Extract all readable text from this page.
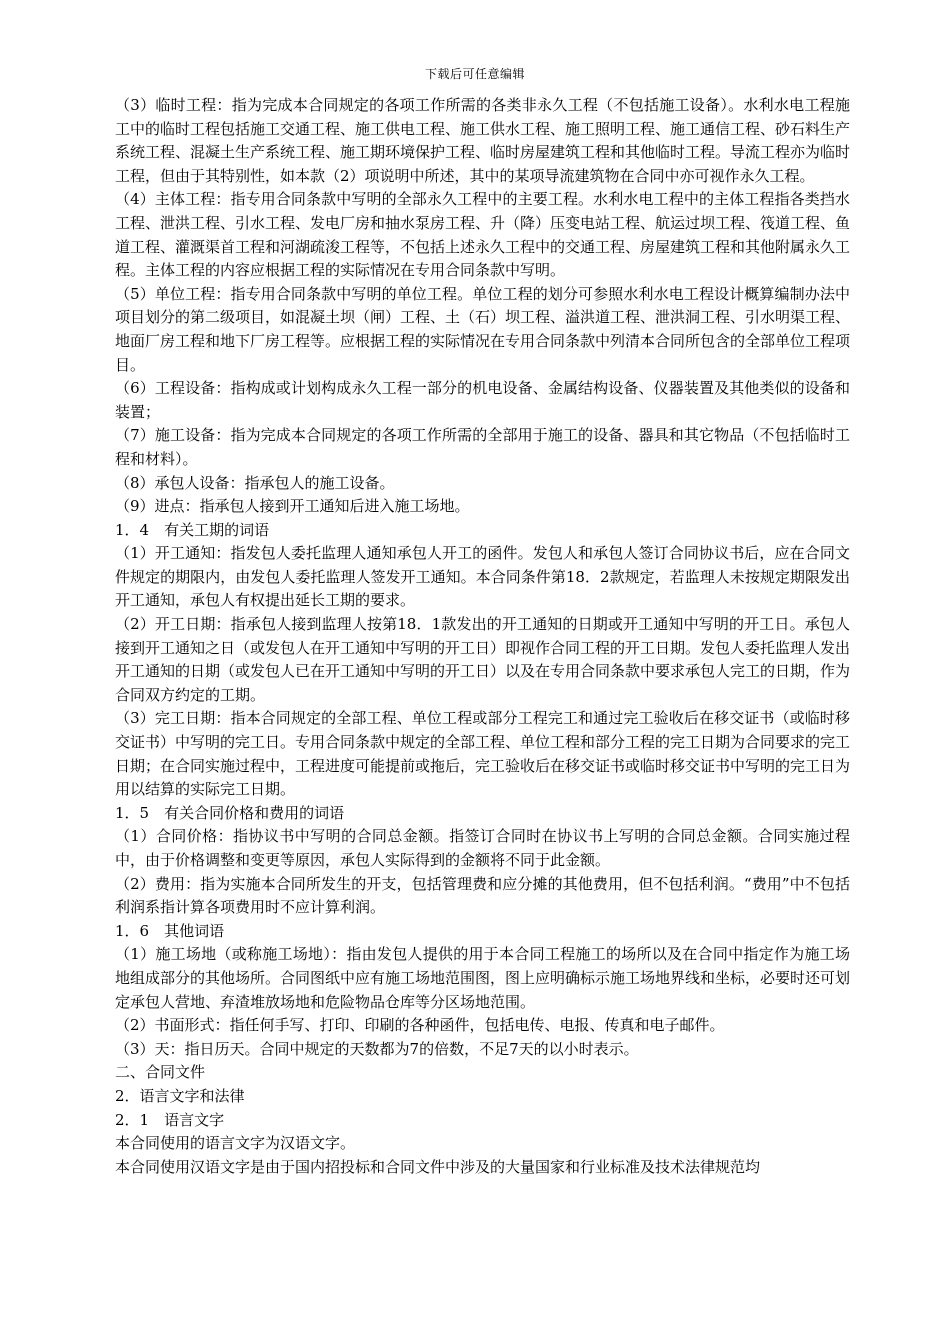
下载后可任意编辑

（3）临时工程：指为完成本合同规定的各项工作所需的各类非永久工程（不包括施工设备）。水利水电工程施工中的临时工程包括施工交通工程、施工供电工程、施工供水工程、施工照明工程、施工通信工程、砂石料生产系统工程、混凝土生产系统工程、施工期环境保护工程、临时房屋建筑工程和其他临时工程。导流工程亦为临时工程，但由于其特别性，如本款（2）项说明中所述，其中的某项导流建筑物在合同中亦可视作永久工程。

（4）主体工程：指专用合同条款中写明的全部永久工程中的主要工程。水利水电工程中的主体工程指各类挡水工程、泄洪工程、引水工程、发电厂房和抽水泵房工程、升（降）压变电站工程、航运过坝工程、筏道工程、鱼道工程、灌溉渠首工程和河湖疏浚工程等，不包括上述永久工程中的交通工程、房屋建筑工程和其他附属永久工程。主体工程的内容应根据工程的实际情况在专用合同条款中写明。

（5）单位工程：指专用合同条款中写明的单位工程。单位工程的划分可参照水利水电工程设计概算编制办法中项目划分的第二级项目，如混凝土坝（闸）工程、土（石）坝工程、溢洪道工程、泄洪洞工程、引水明渠工程、地面厂房工程和地下厂房工程等。应根据工程的实际情况在专用合同条款中列清本合同所包含的全部单位工程项目。

（6）工程设备：指构成或计划构成永久工程一部分的机电设备、金属结构设备、仪器装置及其他类似的设备和装置；

（7）施工设备：指为完成本合同规定的各项工作所需的全部用于施工的设备、器具和其它物品（不包括临时工程和材料）。

（8）承包人设备：指承包人的施工设备。

（9）进点：指承包人接到开工通知后进入施工场地。

1．4　有关工期的词语

（1）开工通知：指发包人委托监理人通知承包人开工的函件。发包人和承包人签订合同协议书后，应在合同文件规定的期限内，由发包人委托监理人签发开工通知。本合同条件第18．2款规定，若监理人未按规定期限发出开工通知，承包人有权提出延长工期的要求。

（2）开工日期：指承包人接到监理人按第18．1款发出的开工通知的日期或开工通知中写明的开工日。承包人接到开工通知之日（或发包人在开工通知中写明的开工日）即视作合同工程的开工日期。发包人委托监理人发出开工通知的日期（或发包人已在开工通知中写明的开工日）以及在专用合同条款中要求承包人完工的日期，作为合同双方约定的工期。

（3）完工日期：指本合同规定的全部工程、单位工程或部分工程完工和通过完工验收后在移交证书（或临时移交证书）中写明的完工日。专用合同条款中规定的全部工程、单位工程和部分工程的完工日期为合同要求的完工日期；在合同实施过程中，工程进度可能提前或拖后，完工验收后在移交证书或临时移交证书中写明的完工日为用以结算的实际完工日期。

1．5　有关合同价格和费用的词语

（1）合同价格：指协议书中写明的合同总金额。指签订合同时在协议书上写明的合同总金额。合同实施过程中，由于价格调整和变更等原因，承包人实际得到的金额将不同于此金额。

（2）费用：指为实施本合同所发生的开支，包括管理费和应分摊的其他费用，但不包括利润。“费用”中不包括利润系指计算各项费用时不应计算利润。

1．6　其他词语

（1）施工场地（或称施工场地）：指由发包人提供的用于本合同工程施工的场所以及在合同中指定作为施工场地组成部分的其他场所。合同图纸中应有施工场地范围图，图上应明确标示施工场地界线和坐标，必要时还可划定承包人营地、弃渣堆放场地和危险物品仓库等分区场地范围。

（2）书面形式：指任何手写、打印、印刷的各种函件，包括电传、电报、传真和电子邮件。

（3）天：指日历天。合同中规定的天数都为7的倍数，不足7天的以小时表示。

二、合同文件

2．语言文字和法律

2．1　语言文字

本合同使用的语言文字为汉语文字。

本合同使用汉语文字是由于国内招投标和合同文件中涉及的大量国家和行业标准及技术法律规范均
